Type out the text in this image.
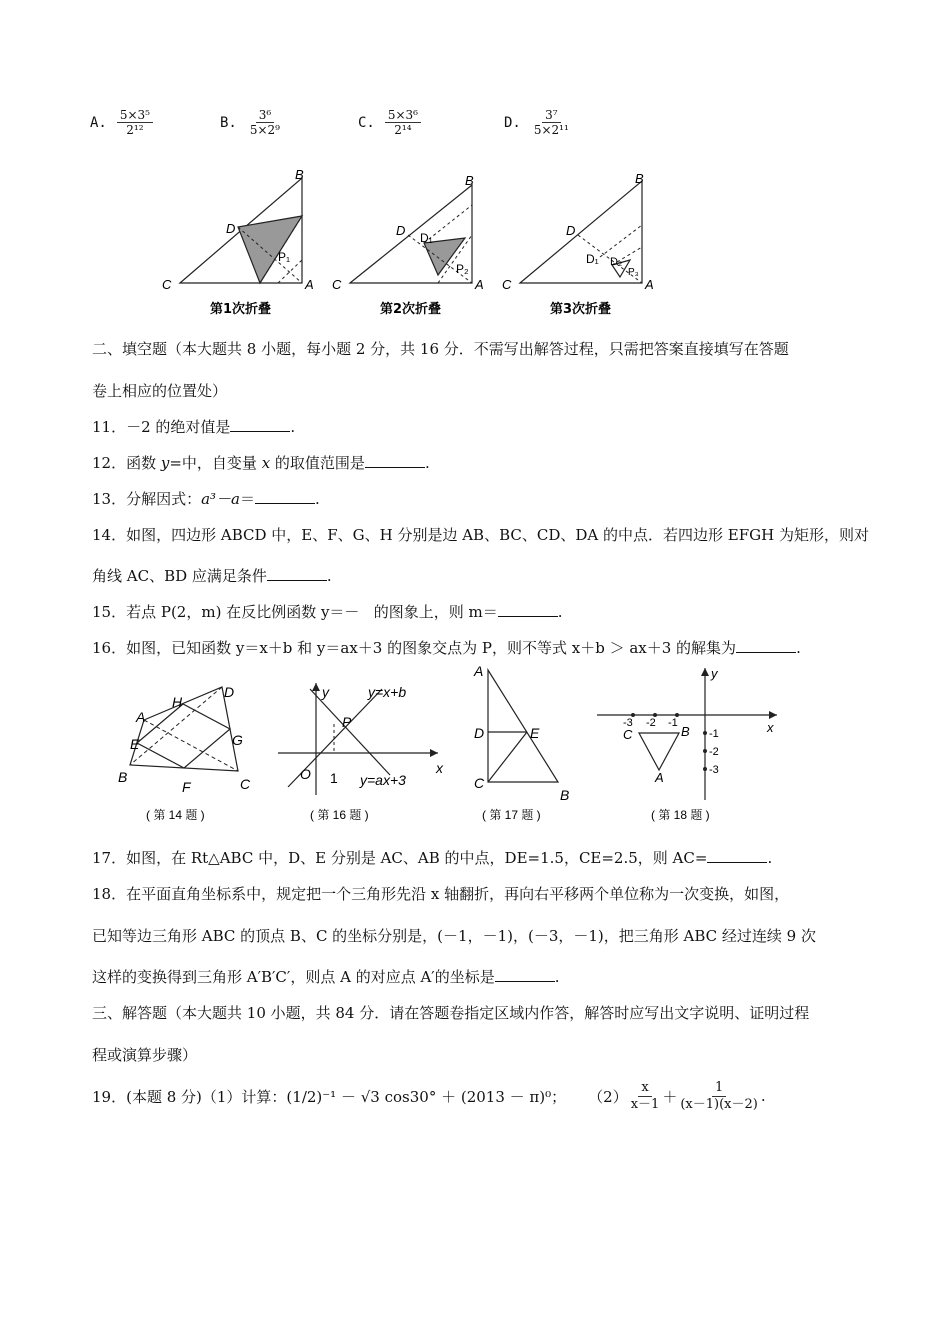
A. $\frac{\text{5×3⁵}}{\text{2¹²}}$	B. $\frac{\text{3⁶}}{\text{5×2⁹}}$	C. $\frac{\text{5×3⁶}}{\text{2¹⁴}}$	D. $\frac{\text{3⁷}}{\text{5×2¹¹}}$
B
C	A
D
P₁
第1次折叠
B
C	A
D D₁
P₂
第2次折叠
B
C	A
D
D₁ D₂
P₃
第3次折叠
二、填空题（本大题共 8 小题，每小题 2 分，共 16 分．不需写出解答过程，只需把答案直接填写在答题
卷上相应的位置处）
11．－2 的绝对值是	.
12．函数 y=中，自变量 x 的取值范围是	.
13．分解因式：a³－a＝	.
14．如图，四边形 ABCD 中，E、F、G、H 分别是边 AB、BC、CD、DA 的中点．若四边形 EFGH 为矩形，则对
角线 AC、BD 应满足条件	.
15．若点 P(2，m) 在反比例函数 y＝－   的图象上，则 m＝	.
16．如图，已知函数 y＝x＋b 和 y＝ax＋3 的图象交点为 P，则不等式 x＋b ＞ ax＋3 的解集为	.
A
H
D
E	G
B
F	C
( 第 14 题 )
y	y=x+b
P
O 1 y=ax+3
x
( 第 16 题 )
A
D	E
C
B
( 第 17 题 )
-3 -2 -1
C	B
A
y
x
-1
-2
-3
( 第 18 题 )
17．如图，在 Rt△ABC 中，D、E 分别是 AC、AB 的中点，DE=1.5，CE=2.5，则 AC=	.
18．在平面直角坐标系中，规定把一个三角形先沿 x 轴翻折，再向右平移两个单位称为一次变换，如图，
已知等边三角形 ABC 的顶点 B、C 的坐标分别是，(－1，－1)，(－3，－1)，把三角形 ABC 经过连续 9 次
这样的变换得到三角形 A′B′C′，则点 A 的对应点 A′的坐标是	.
三、解答题（本大题共 10 小题，共 84 分．请在答题卷指定区域内作答，解答时应写出文字说明、证明过程
程或演算步骤）
19．(本题 8 分)（1）计算： (1/2)⁻¹ － √3 cos30° ＋ (2013 － π)⁰； $(2) \frac{x}{x-1} + \frac{1}{(x-1)(x-2)}$ .
